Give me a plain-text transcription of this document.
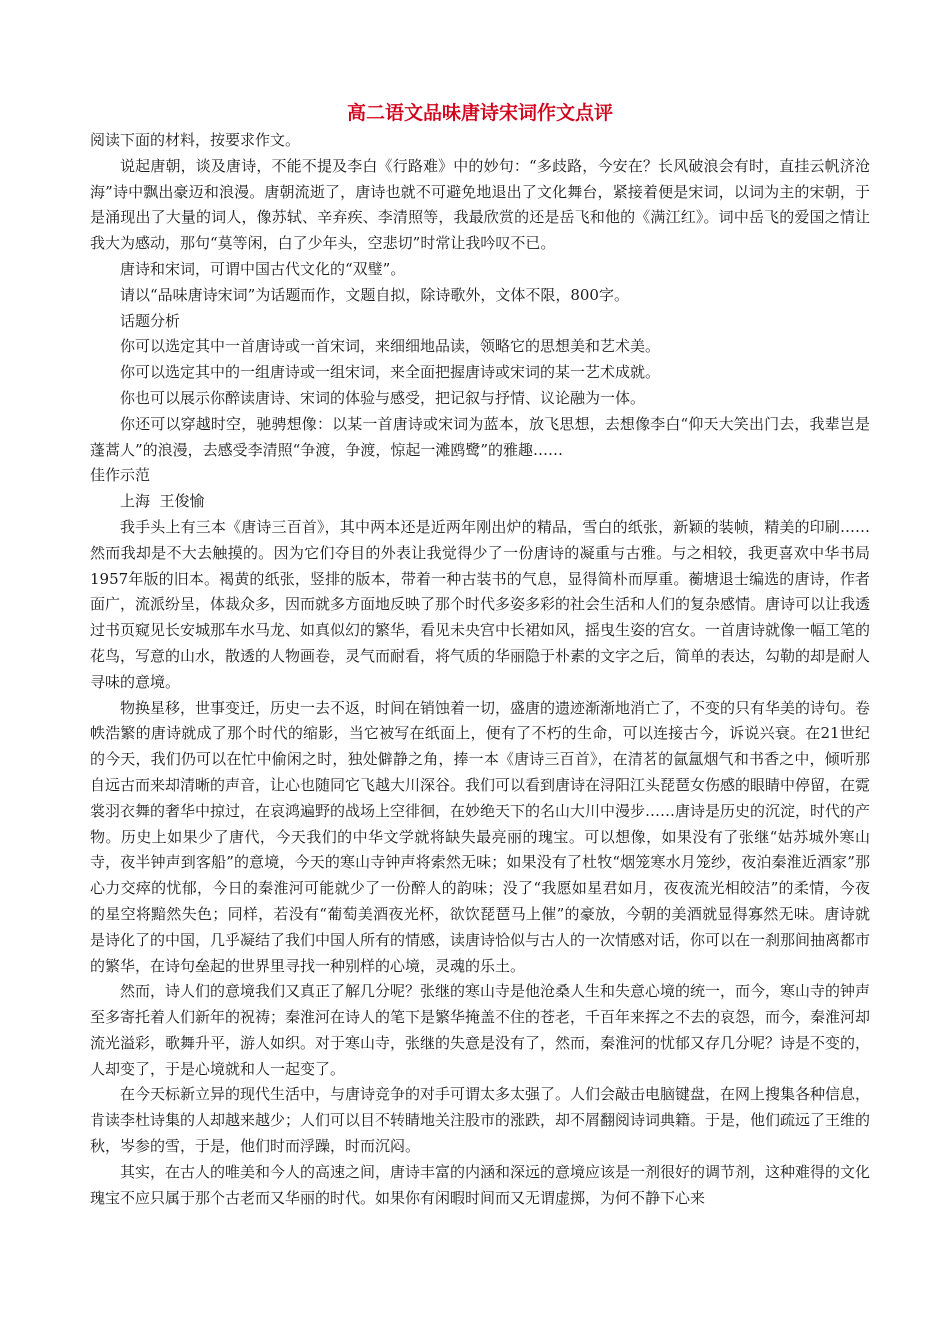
高二语文品味唐诗宋词作文点评

阅读下面的材料，按要求作文。

说起唐朝，谈及唐诗，不能不提及李白《行路难》中的妙句：“多歧路，今安在？长风破浪会有时，直挂云帆济沧海”诗中飘出豪迈和浪漫。唐朝流逝了，唐诗也就不可避免地退出了文化舞台，紧接着便是宋词，以词为主的宋朝，于是涌现出了大量的词人，像苏轼、辛弃疾、李清照等，我最欣赏的还是岳飞和他的《满江红》。词中岳飞的爱国之情让我大为感动，那句“莫等闲，白了少年头，空悲切”时常让我吟叹不已。

唐诗和宋词，可谓中国古代文化的“双璧”。

请以“品味唐诗宋词”为话题而作，文题自拟，除诗歌外，文体不限，800字。

话题分析

你可以选定其中一首唐诗或一首宋词，来细细地品读，领略它的思想美和艺术美。

你可以选定其中的一组唐诗或一组宋词，来全面把握唐诗或宋词的某一艺术成就。

你也可以展示你醉读唐诗、宋词的体验与感受，把记叙与抒情、议论融为一体。

你还可以穿越时空，驰骋想像：以某一首唐诗或宋词为蓝本，放飞思想，去想像李白“仰天大笑出门去，我辈岂是蓬蒿人”的浪漫，去感受李清照“争渡，争渡，惊起一滩鸥鹭”的雅趣……

佳作示范

上海  王俊愉

我手头上有三本《唐诗三百首》，其中两本还是近两年刚出炉的精品，雪白的纸张，新颖的装帧，精美的印刷……然而我却是不大去触摸的。因为它们夺目的外表让我觉得少了一份唐诗的凝重与古雅。与之相较，我更喜欢中华书局1957年版的旧本。褐黄的纸张，竖排的版本，带着一种古装书的气息，显得简朴而厚重。蘅塘退士编选的唐诗，作者面广，流派纷呈，体裁众多，因而就多方面地反映了那个时代多姿多彩的社会生活和人们的复杂感情。唐诗可以让我透过书页窥见长安城那车水马龙、如真似幻的繁华，看见未央宫中长裙如风，摇曳生姿的宫女。一首唐诗就像一幅工笔的花鸟，写意的山水，散透的人物画卷，灵气而耐看，将气质的华丽隐于朴素的文字之后，简单的表达，勾勒的却是耐人寻味的意境。

物换星移，世事变迁，历史一去不返，时间在销蚀着一切，盛唐的遗迹渐渐地消亡了，不变的只有华美的诗句。卷帙浩繁的唐诗就成了那个时代的缩影，当它被写在纸面上，便有了不朽的生命，可以连接古今，诉说兴衰。在21世纪的今天，我们仍可以在忙中偷闲之时，独处僻静之角，捧一本《唐诗三百首》，在清茗的氤氲烟气和书香之中，倾听那自远古而来却清晰的声音，让心也随同它飞越大川深谷。我们可以看到唐诗在浔阳江头琵琶女伤感的眼睛中停留，在霓裳羽衣舞的奢华中掠过，在哀鸿遍野的战场上空徘徊，在妙绝天下的名山大川中漫步……唐诗是历史的沉淀，时代的产物。历史上如果少了唐代，今天我们的中华文学就将缺失最亮丽的瑰宝。可以想像，如果没有了张继“姑苏城外寒山寺，夜半钟声到客船”的意境，今天的寒山寺钟声将索然无味；如果没有了杜牧“烟笼寒水月笼纱，夜泊秦淮近酒家”那心力交瘁的忧郁，今日的秦淮河可能就少了一份醉人的韵味；没了“我愿如星君如月，夜夜流光相皎洁”的柔情，今夜的星空将黯然失色；同样，若没有“葡萄美酒夜光杯，欲饮琵琶马上催”的豪放，今朝的美酒就显得寡然无味。唐诗就是诗化了的中国，几乎凝结了我们中国人所有的情感，读唐诗恰似与古人的一次情感对话，你可以在一刹那间抽离都市的繁华，在诗句垒起的世界里寻找一种别样的心境，灵魂的乐土。

然而，诗人们的意境我们又真正了解几分呢？张继的寒山寺是他沧桑人生和失意心境的统一，而今，寒山寺的钟声至多寄托着人们新年的祝祷；秦淮河在诗人的笔下是繁华掩盖不住的苍老，千百年来挥之不去的哀怨，而今，秦淮河却流光溢彩，歌舞升平，游人如织。对于寒山寺，张继的失意是没有了，然而，秦淮河的忧郁又存几分呢？诗是不变的，人却变了，于是心境就和人一起变了。

在今天标新立异的现代生活中，与唐诗竞争的对手可谓太多太强了。人们会敲击电脑键盘，在网上搜集各种信息，肯读李杜诗集的人却越来越少；人们可以目不转睛地关注股市的涨跌，却不屑翻阅诗词典籍。于是，他们疏远了王维的秋，岑参的雪，于是，他们时而浮躁，时而沉闷。

其实，在古人的唯美和今人的高速之间，唐诗丰富的内涵和深远的意境应该是一剂很好的调节剂，这种难得的文化瑰宝不应只属于那个古老而又华丽的时代。如果你有闲暇时间而又无谓虚掷，为何不静下心来
